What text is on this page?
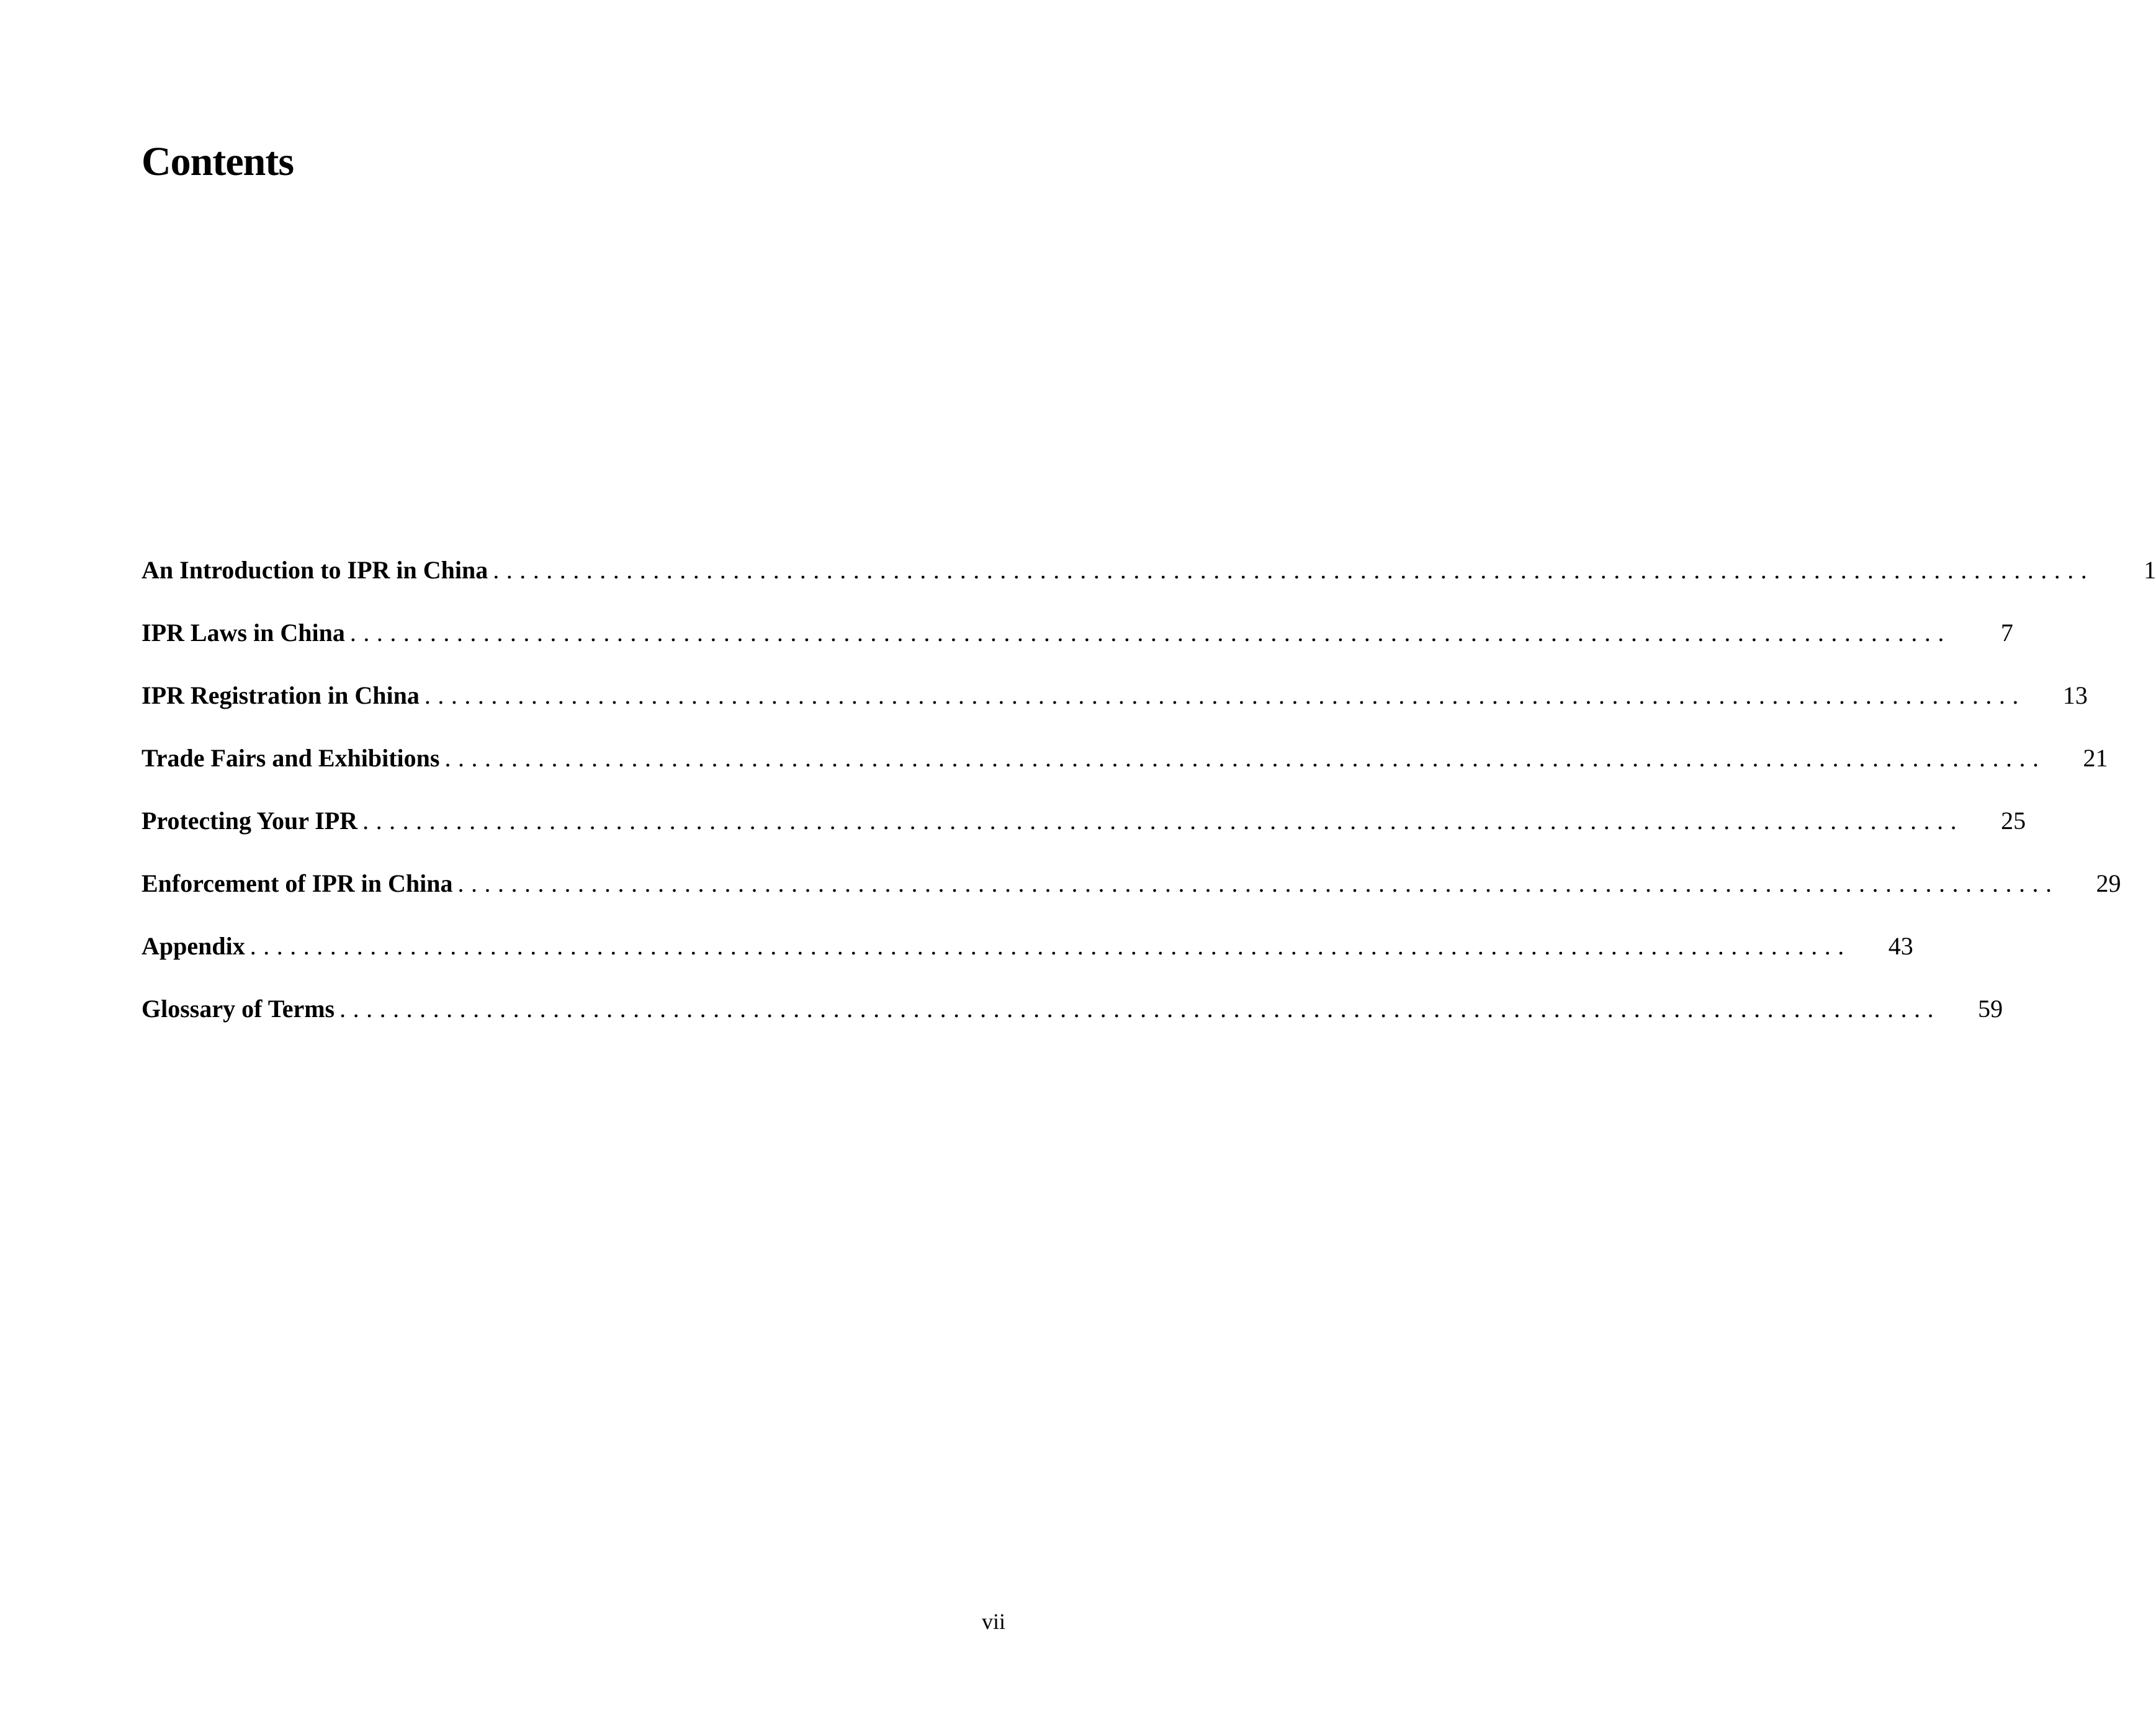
Contents
An Introduction to IPR in China ........................................................................................................................	1
IPR Laws in China ........................................................................................................................	7
IPR Registration in China ........................................................................................................................	13
Trade Fairs and Exhibitions ........................................................................................................................	21
Protecting Your IPR ........................................................................................................................	25
Enforcement of IPR in China ........................................................................................................................	29
Appendix ........................................................................................................................	43
Glossary of Terms ........................................................................................................................	59
vii
